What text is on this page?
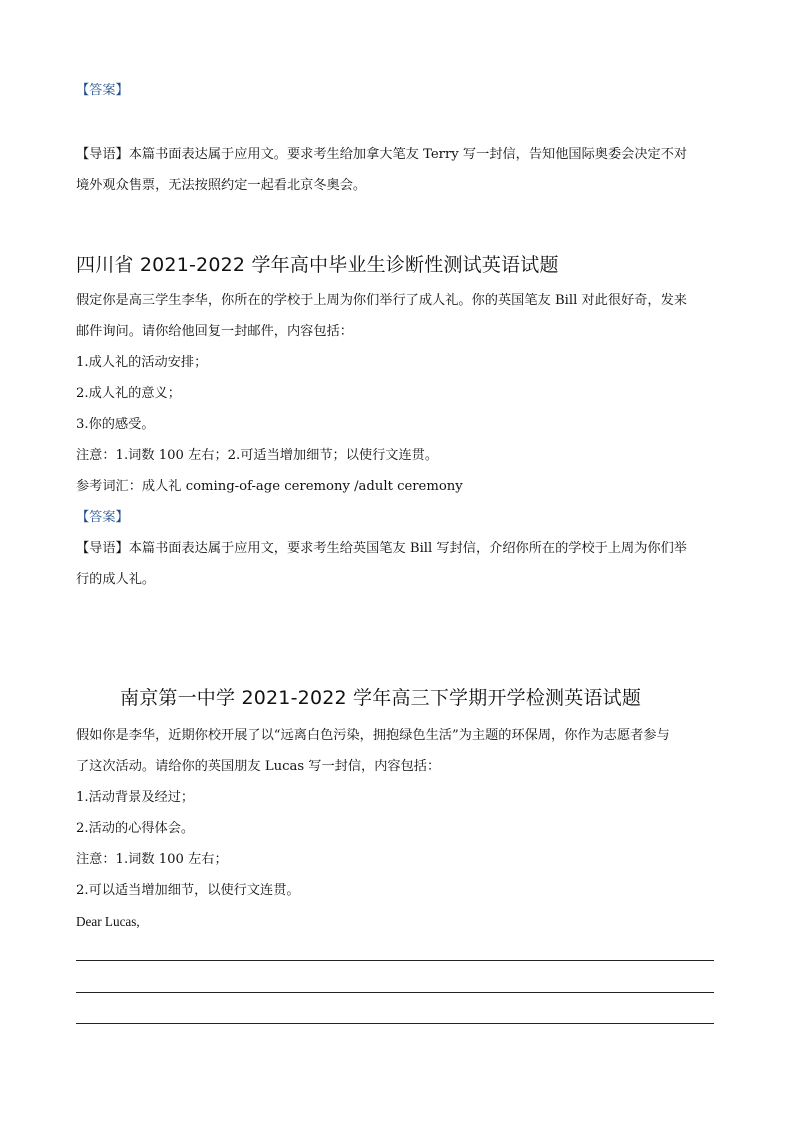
【答案】
【导语】本篇书面表达属于应用文。要求考生给加拿大笔友 Terry 写一封信，告知他国际奥委会决定不对
境外观众售票，无法按照约定一起看北京冬奥会。
四川省 2021-2022 学年高中毕业生诊断性测试英语试题
假定你是高三学生李华，你所在的学校于上周为你们举行了成人礼。你的英国笔友 Bill 对此很好奇，发来
邮件询问。请你给他回复一封邮件，内容包括：
1.成人礼的活动安排；
2.成人礼的意义；
3.你的感受。
注意：1.词数 100 左右；2.可适当增加细节；以使行文连贯。
参考词汇：成人礼 coming-of-age ceremony /adult ceremony
【答案】
【导语】本篇书面表达属于应用文，要求考生给英国笔友 Bill 写封信，介绍你所在的学校于上周为你们举
行的成人礼。
南京第一中学 2021-2022 学年高三下学期开学检测英语试题
假如你是李华，近期你校开展了以“远离白色污染，拥抱绿色生活”为主题的环保周，你作为志愿者参与
了这次活动。请给你的英国朋友 Lucas 写一封信，内容包括：
1.活动背景及经过；
2.活动的心得体会。
注意：1.词数 100 左右；
2.可以适当增加细节，以使行文连贯。
Dear Lucas,
